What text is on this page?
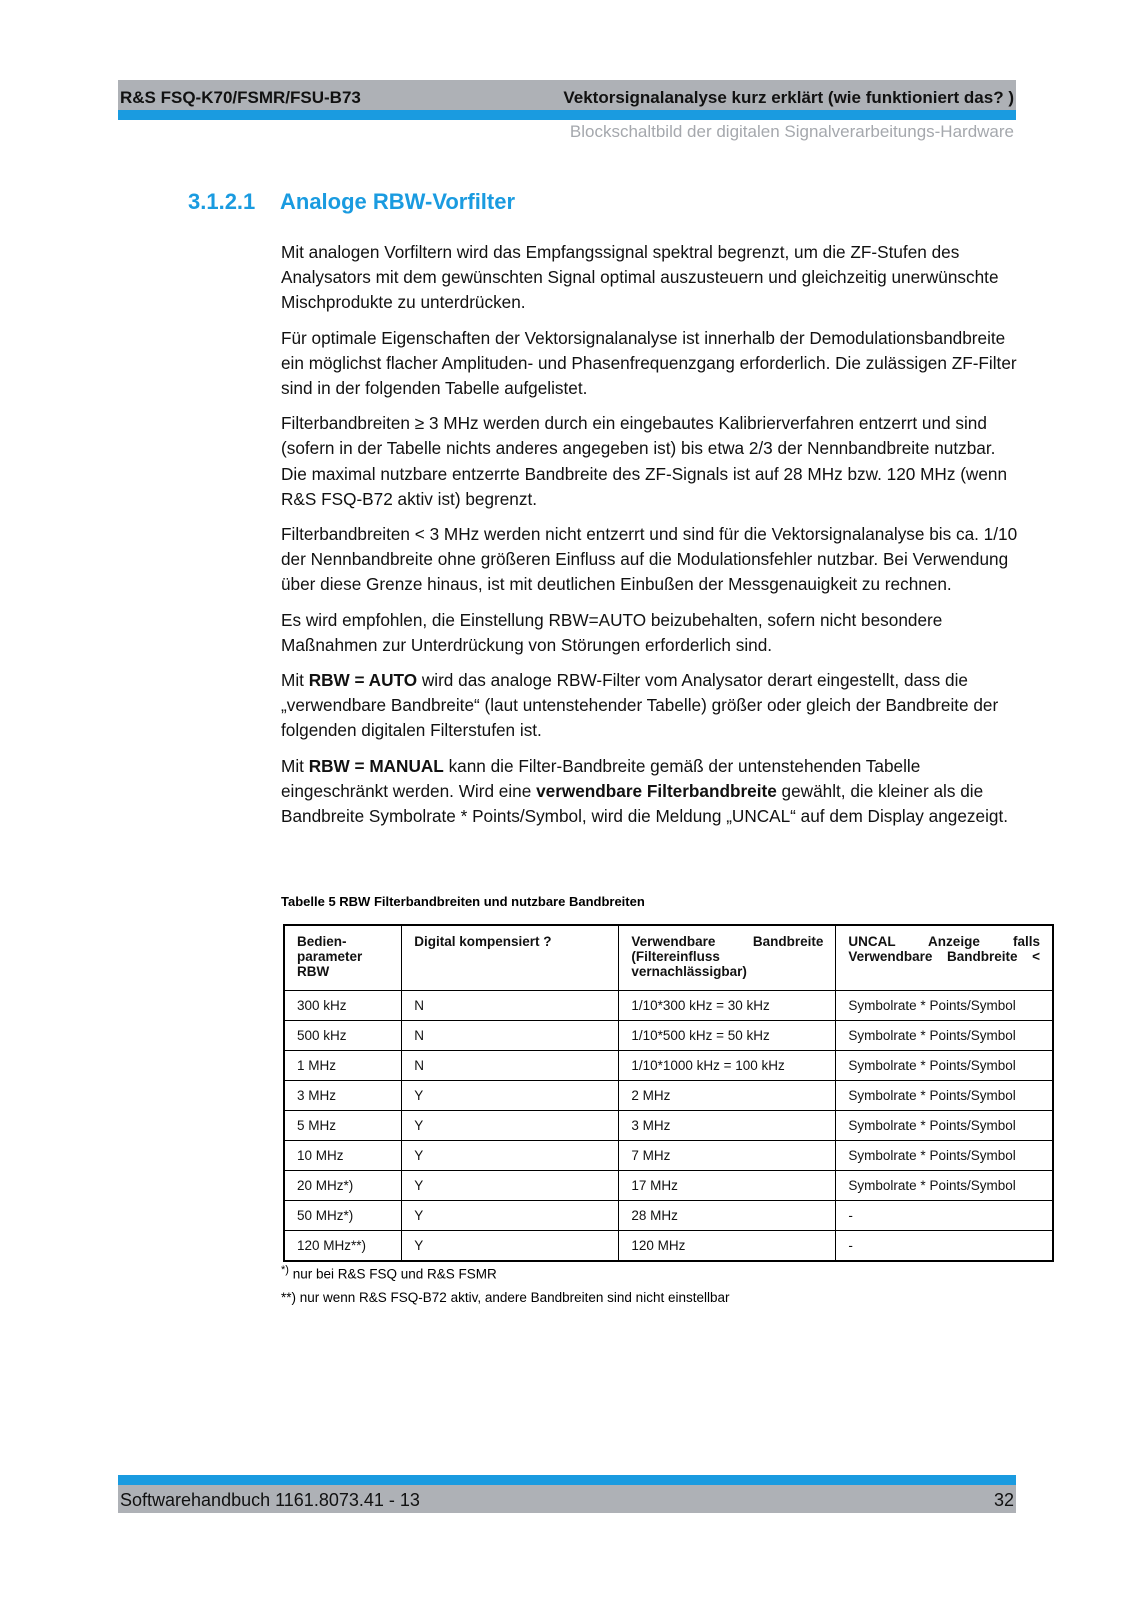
R&S FSQ-K70/FSMR/FSU-B73	Vektorsignalanalyse kurz erklärt (wie funktioniert das? )
Blockschaltbild der digitalen Signalverarbeitungs-Hardware
3.1.2.1 Analoge RBW-Vorfilter

Mit analogen Vorfiltern wird das Empfangssignal spektral begrenzt, um die ZF-Stufen des Analysators mit dem gewünschten Signal optimal auszusteuern und gleichzeitig unerwünschte Mischprodukte zu unterdrücken.

Für optimale Eigenschaften der Vektorsignalanalyse ist innerhalb der Demodulationsbandbreite ein möglichst flacher Amplituden- und Phasenfrequenzgang erforderlich. Die zulässigen ZF-Filter sind in der folgenden Tabelle aufgelistet.

Filterbandbreiten ≥ 3 MHz werden durch ein eingebautes Kalibrierverfahren entzerrt und sind (sofern in der Tabelle nichts anderes angegeben ist) bis etwa 2/3 der Nennbandbreite nutzbar. Die maximal nutzbare entzerrte Bandbreite des ZF-Signals ist auf 28 MHz bzw. 120 MHz (wenn R&S FSQ-B72 aktiv ist) begrenzt.

Filterbandbreiten < 3 MHz werden nicht entzerrt und sind für die Vektorsignalanalyse bis ca. 1/10 der Nennbandbreite ohne größeren Einfluss auf die Modulationsfehler nutzbar. Bei Verwendung über diese Grenze hinaus, ist mit deutlichen Einbußen der Messgenauigkeit zu rechnen.

Es wird empfohlen, die Einstellung RBW=AUTO beizubehalten, sofern nicht besondere Maßnahmen zur Unterdrückung von Störungen erforderlich sind.

Mit RBW = AUTO wird das analoge RBW-Filter vom Analysator derart eingestellt, dass die „verwendbare Bandbreite“ (laut untenstehender Tabelle) größer oder gleich der Bandbreite der folgenden digitalen Filterstufen ist.

Mit RBW = MANUAL kann die Filter-Bandbreite gemäß der untenstehenden Tabelle eingeschränkt werden. Wird eine verwendbare Filterbandbreite gewählt, die kleiner als die Bandbreite Symbolrate * Points/Symbol, wird die Meldung „UNCAL“ auf dem Display angezeigt.

Tabelle 5 RBW Filterbandbreiten und nutzbare Bandbreiten
Bedien- parameter RBW	Digital kompensiert ?	Verwendbare Bandbreite (Filtereinfluss vernachlässigbar)	UNCAL Anzeige falls Verwendbare Bandbreite <
300 kHz	N	1/10*300 kHz = 30 kHz	Symbolrate * Points/Symbol
500 kHz	N	1/10*500 kHz = 50 kHz	Symbolrate * Points/Symbol
1 MHz	N	1/10*1000 kHz = 100 kHz	Symbolrate * Points/Symbol
3 MHz	Y	2 MHz	Symbolrate * Points/Symbol
5 MHz	Y	3 MHz	Symbolrate * Points/Symbol
10 MHz	Y	7 MHz	Symbolrate * Points/Symbol
20 MHz*)	Y	17 MHz	Symbolrate * Points/Symbol
50 MHz*)	Y	28 MHz	-
120 MHz**)	Y	120 MHz	-
*) nur bei R&S FSQ und R&S FSMR
**) nur wenn R&S FSQ-B72 aktiv, andere Bandbreiten sind nicht einstellbar
Softwarehandbuch 1161.8073.41 - 13	32
